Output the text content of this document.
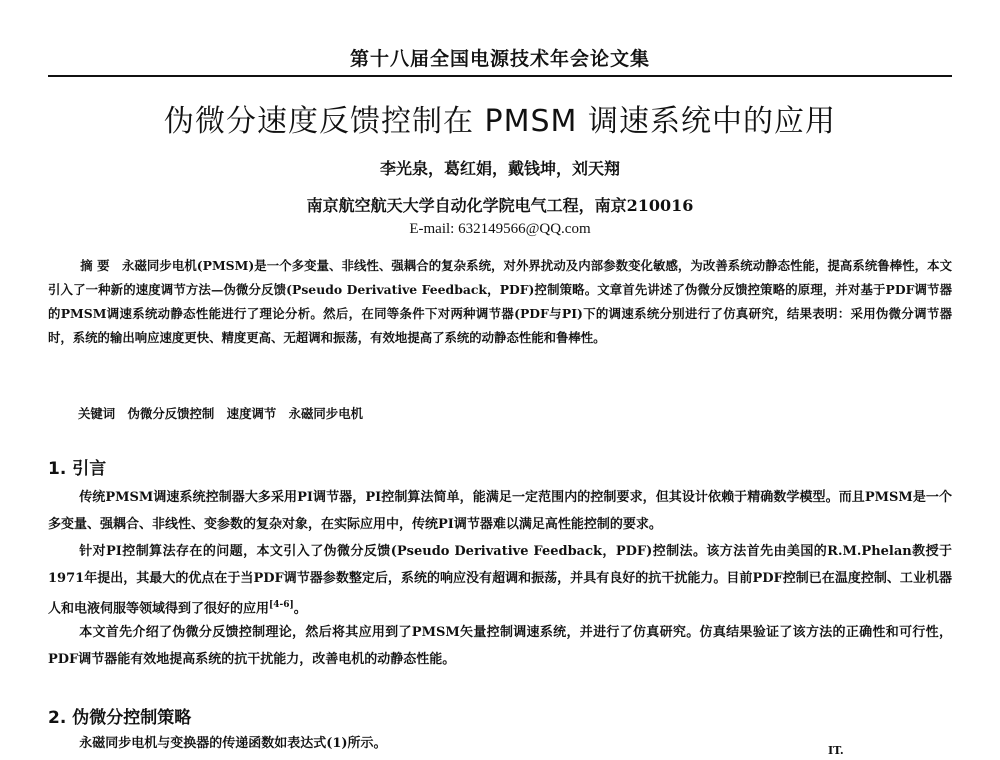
第十八届全国电源技术年会论文集
伪微分速度反馈控制在 PMSM 调速系统中的应用
李光泉，葛红娟，戴钱坤，刘天翔
南京航空航天大学自动化学院电气工程，南京210016
E-mail: 632149566@QQ.com
摘 要　 永磁同步电机(PMSM)是一个多变量、非线性、强耦合的复杂系统，对外界扰动及内部参数变化敏感，为改善系统动静态性能，提高系统鲁棒性，本文引入了一种新的速度调节方法—伪微分反馈(Pseudo Derivative Feedback，PDF)控制策略。文章首先讲述了伪微分反馈控策略的原理，并对基于PDF调节器的PMSM调速系统动静态性能进行了理论分析。然后，在同等条件下对两种调节器(PDF与PI)下的调速系统分别进行了仿真研究，结果表明：采用伪微分调节器时，系统的输出响应速度更快、精度更高、无超调和振荡，有效地提高了系统的动静态性能和鲁棒性。
关键词　 伪微分反馈控制　速度调节　永磁同步电机
1. 引言
传统PMSM调速系统控制器大多采用PI调节器，PI控制算法简单，能满足一定范围内的控制要求，但其设计依赖于精确数学模型。而且PMSM是一个多变量、强耦合、非线性、变参数的复杂对象，在实际应用中，传统PI调节器难以满足高性能控制的要求。
针对PI控制算法存在的问题，本文引入了伪微分反馈(Pseudo Derivative Feedback，PDF)控制法。该方法首先由美国的R.M.Phelan教授于1971年提出，其最大的优点在于当PDF调节器参数整定后，系统的响应没有超调和振荡，并具有良好的抗干扰能力。目前PDF控制已在温度控制、工业机器人和电液伺服等领域得到了很好的应用[4-6]。
本文首先介绍了伪微分反馈控制理论，然后将其应用到了PMSM矢量控制调速系统，并进行了仿真研究。仿真结果验证了该方法的正确性和可行性，PDF调节器能有效地提高系统的抗干扰能力，改善电机的动静态性能。
2. 伪微分控制策略
永磁同步电机与变换器的传递函数如表达式(1)所示。	IT.
